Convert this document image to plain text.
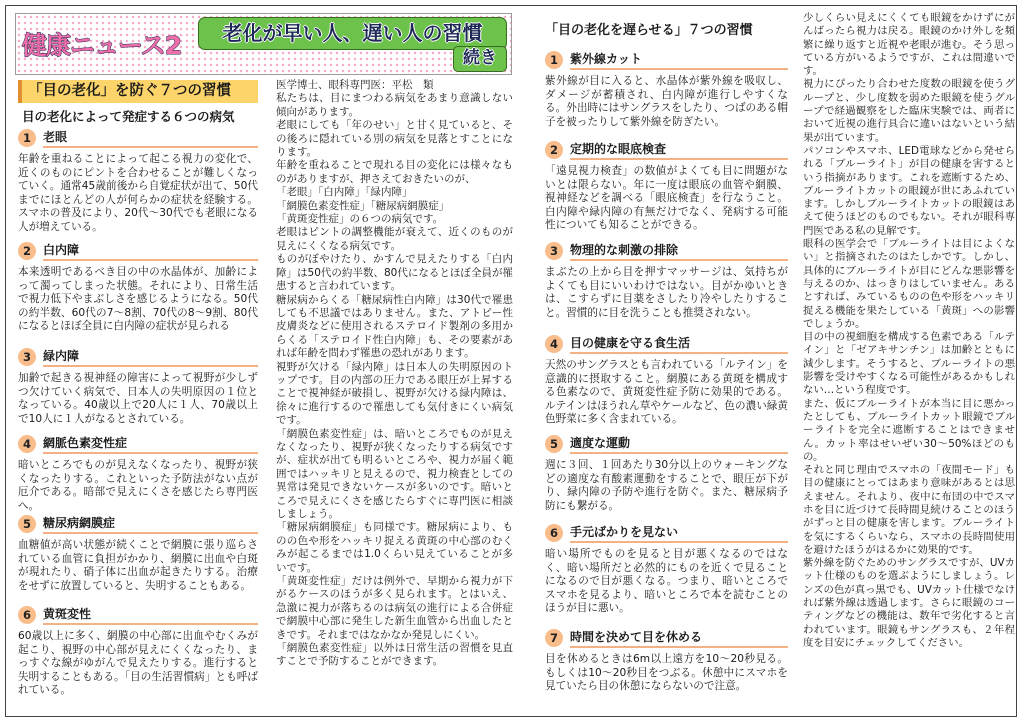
健康ニュース2	老化が早い人、遅い人の習慣
続き
「目の老化」を防ぐ７つの習慣
目の老化によって発症する６つの病気
1	老眼
年齢を重ねることによって起こる視力の変化で、近くのものにピントを合わせることが難しくなっていく。通常45歳前後から自覚症状が出て、50代までにほとんどの人が何らかの症状を経験する。スマホの普及により、20代〜30代でも老眼になる人が増えている。
2	白内障
本来透明であるべき目の中の水晶体が、加齢によって濁ってしまった状態。それにより、日常生活で視力低下やまぶしさを感じるようになる。50代の約半数、60代の7〜8割、70代の8〜9割、80代になるとほぼ全員に白内障の症状が見られる
3	緑内障
加齢で起きる視神経の障害によって視野が少しずつ欠けていく病気で、日本人の失明原因の１位となっている。40歳以上で20人に１人、70歳以上で10人に１人がなるとされている。
4	網脈色素変性症
暗いところでものが見えなくなったり、視野が狭くなったりする。これといった予防法がない点が厄介である。暗部で見えにくさを感じたら専門医へ。
5	糖尿病網膜症
血糖値が高い状態が続くことで網膜に張り巡らされている血管に負担がかかり、網膜に出血や白斑が現れたり、硝子体に出血が起きたりする。治療をせずに放置していると、失明することもある。
6	黄斑変性
60歳以上に多く、網膜の中心部に出血やむくみが起こり、視野の中心部が見えにくくなったり、まっすぐな線がゆがんで見えたりする。進行すると失明することもある。「目の生活習慣病」とも呼ばれている。

医学博士、眼科専門医：平松　類

私たちは、目にまつわる病気をあまり意識しない傾向があります。

老眼にしても「年のせい」と甘く見ていると、その後ろに隠れている別の病気を見落とすことになります。

年齢を重ねることで現れる目の変化には様々なものがありますが、押さえておきたいのが、

「老眼」「白内障」「緑内障」

「網膜色素変性症」「糖尿病網膜症」

「黄斑変性症」の６つの病気です。

老眼はピントの調整機能が衰えて、近くのものが見えにくくなる病気です。

ものがぼやけたり、かすんで見えたりする「白内障」は50代の約半数、80代になるとほぼ全員が罹患すると言われています。

糖尿病からくる「糖尿病性白内障」は30代で罹患しても不思議ではありません。また、アトピー性皮膚炎などに使用されるステロイド製剤の多用からくる「ステロイド性白内障」も、その要素があれば年齢を問わず罹患の恐れがあります。

視野が欠ける「緑内障」は日本人の失明原因のトップです。目の内部の圧力である眼圧が上昇することで視神経が破損し、視野が欠ける緑内障は、徐々に進行するので罹患しても気付きにくい病気です。

「網膜色素変性症」は、暗いところでものが見えなくなったり、視野が狭くなったりする病気ですが、症状が出ても明るいところや、視力が届く範囲ではハッキリと見えるので、視力検査としての異常は発見できないケースが多いのです。暗いところで見えにくさを感じたらすぐに専門医に相談しましょう。

「糖尿病網膜症」も同様です。糖尿病により、ものの色や形をハッキリ捉える黄斑の中心部のむくみが起こるまでは1.0くらい見えていることが多いです。

「黄斑変性症」だけは例外で、早期から視力が下がるケースのほうが多く見られます。とはいえ、急激に視力が落ちるのは病気の進行による合併症で網膜中心部に発生した新生血管から出血したときです。それまではなかなか発見しにくい。

「網膜色素変性症」以外は日常生活の習慣を見直すことで予防することができます。

「目の老化を遅らせる」７つの習慣
1	紫外線カット
紫外線が目に入ると、水晶体が紫外線を吸収し、ダメージが蓄積され、白内障が進行しやすくなる。外出時にはサングラスをしたり、つばのある帽子を被ったりして紫外線を防ぎたい。
2	定期的な眼底検査
「遠見視力検査」の数値がよくても目に問題がないとは限らない。年に一度は眼底の血管や網膜、視神経などを調べる「眼底検査」を行なうこと。白内障や緑内障の有無だけでなく、発病する可能性についても知ることができる。
3	物理的な刺激の排除
まぶたの上から目を押すマッサージは、気持ちがよくても目にいいわけではない。目がかゆいときは、こすらずに目薬をさしたり冷やしたりすること。習慣的に目を洗うことも推奨されない。
4	目の健康を守る食生活
天然のサングラスとも言われている「ルテイン」を意識的に摂取すること。網膜にある黄斑を構成する色素なので、黄斑変性症予防に効果的である。ルテインはほうれん草やケールなど、色の濃い緑黄色野菜に多く含まれている。
5	適度な運動
週に３回、１回あたり30分以上のウォーキングなどの適度な有酸素運動をすることで、眼圧が下がり、緑内障の予防や進行を防ぐ。また、糖尿病予防にも繋がる。
6	手元ばかりを見ない
暗い場所でものを見ると目が悪くなるのではなく、暗い場所だと必然的にものを近くで見ることになるので目が悪くなる。つまり、暗いところでスマホを見るより、暗いところで本を読むことのほうが目に悪い。
7	時間を決めて目を休める
目を休めるときは6m以上遠方を10〜20秒見る。もしくは10〜20秒目をつぶる。休憩中にスマホを見ていたら目の休憩にならないので注意。

少しくらい見えにくくても眼鏡をかけずにがんばったら視力は戻る。眼鏡のかけ外しを頻繁に繰り返すと近視や老眼が進む。そう思っている方がいるようですが、これは間違いです。

視力にぴったり合わせた度数の眼鏡を使うグループと、少し度数を弱めた眼鏡を使うグループで経過観察をした臨床実験では、両者において近視の進行具合に違いはないという結果が出ています。

パソコンやスマホ、LED電球などから発せられる「ブルーライト」が目の健康を害するという指摘があります。これを遮断するため、ブルーライトカットの眼鏡が世にあふれています。しかしブルーライトカットの眼鏡はあえて使うほどのものでもない。それが眼科専門医である私の見解です。

眼科の医学会で「ブルーライトは目によくない」と指摘されたのはたしかです。しかし、具体的にブルーライトが目にどんな悪影響を与えるのか、はっきりはしていません。あるとすれば、みているものの色や形をハッキリ捉える機能を果たしている「黄斑」への影響でしょうか。

目の中の視細胞を構成する色素である「ルテイン」と「ゼアキサンチン」は加齢とともに減少します。そうすると、ブルーライトの悪影響を受けやすくなる可能性があるかもしれない…という程度です。

また、仮にブルーライトが本当に目に悪かったとしても、ブルーライトカット眼鏡でブルーライトを完全に遮断することはできません。カット率はせいぜい30〜50%ほどのもの。

それと同じ理由でスマホの「夜間モード」も目の健康にとってはあまり意味があるとは思えません。それより、夜中に布団の中でスマホを目に近づけて長時間見続けることのほうがずっと目の健康を害します。ブルーライトを気にするくらいなら、スマホの長時間使用を避けたほうがはるかに効果的です。

紫外線を防ぐためのサングラスですが、UVカット仕様のものを選ぶようにしましょう。レンズの色が真っ黒でも、UVカット仕様でなければ紫外線は透過します。さらに眼鏡のコーティングなどの機能は、数年で劣化すると言われています。眼鏡もサングラスも、２年程度を目安にチェックしてください。
